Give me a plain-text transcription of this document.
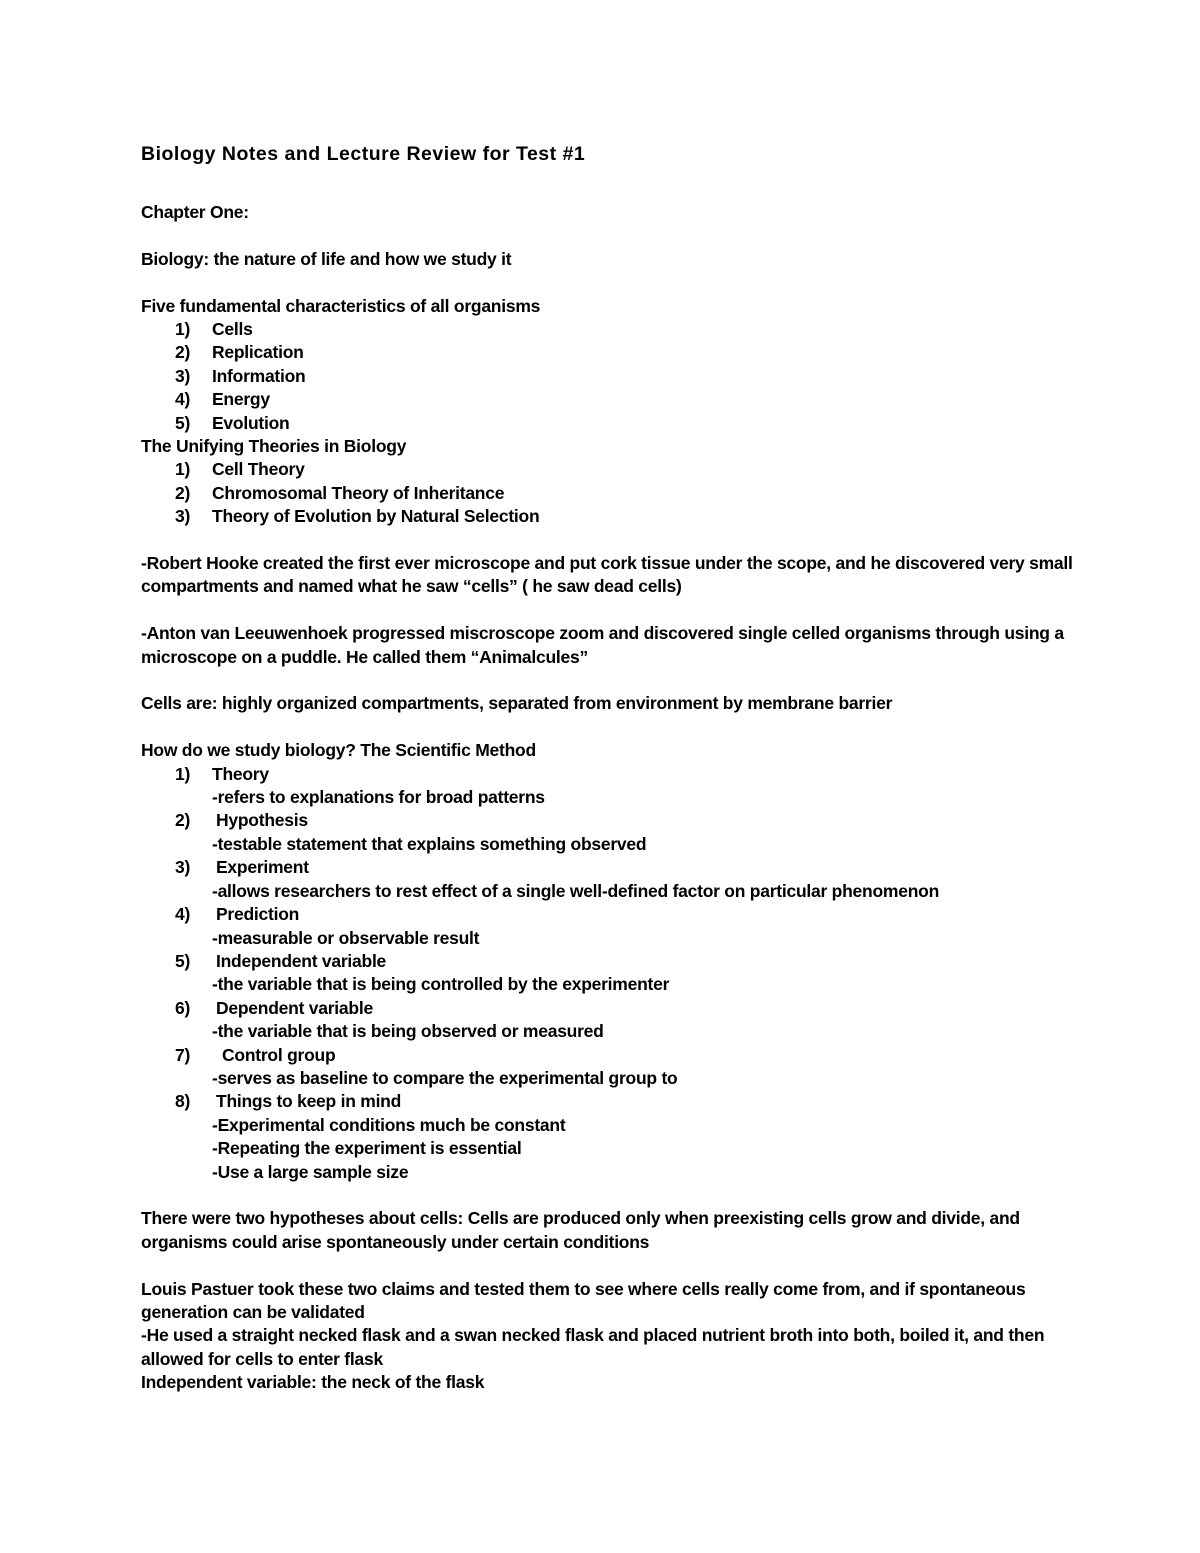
Biology Notes and Lecture Review for Test #1
Chapter One:
Biology: the nature of life and how we study it
Five fundamental characteristics of all organisms
1)	Cells
2)	Replication
3)	Information
4)	Energy
5)	Evolution
The Unifying Theories in Biology
1)	Cell Theory
2)	Chromosomal Theory of Inheritance
3)	Theory of Evolution by Natural Selection
-Robert Hooke created the first ever microscope and put cork tissue under the scope, and he discovered very small compartments and named what he saw “cells” ( he saw dead cells)
-Anton van Leeuwenhoek progressed miscroscope zoom and discovered single celled organisms through using a microscope on a puddle. He called them “Animalcules”
Cells are: highly organized compartments, separated from environment by membrane barrier
How do we study biology? The Scientific Method
1)	Theory
-refers to explanations for broad patterns
2)	Hypothesis
-testable statement that explains something observed
3)	Experiment
-allows researchers to rest effect of a single well-defined factor on particular phenomenon
4)	Prediction
-measurable or observable result
5)	Independent variable
-the variable that is being controlled by the experimenter
6)	Dependent variable
-the variable that is being observed or measured
7)	Control group
-serves as baseline to compare the experimental group to
8)	Things to keep in mind
-Experimental conditions much be constant
-Repeating the experiment is essential
-Use a large sample size
There were two hypotheses about cells: Cells are produced only when preexisting cells grow and divide, and organisms could arise spontaneously under certain conditions
Louis Pastuer took these two claims and tested them to see where cells really come from, and if spontaneous generation can be validated
-He used a straight necked flask and a swan necked flask and placed nutrient broth into both, boiled it, and then allowed for cells to enter flask
Independent variable: the neck of the flask
